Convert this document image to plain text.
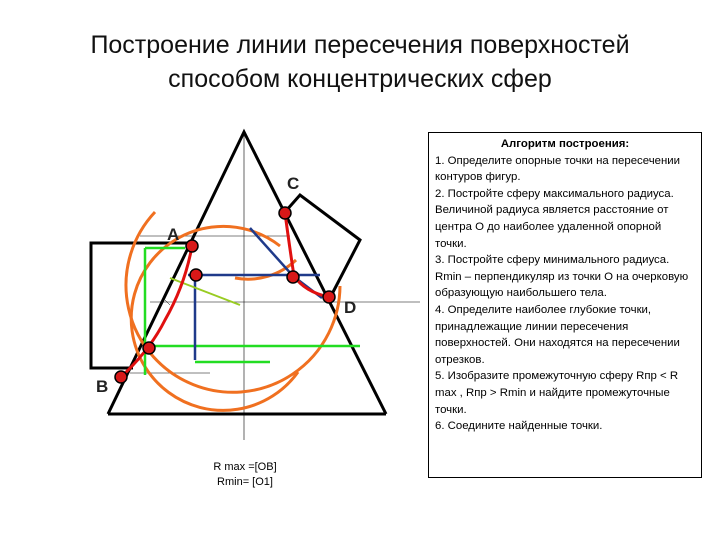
Построение линии пересечения поверхностей
способом концентрических сфер
C
A
D
B
R max =[OB]
Rmin= [O1]
Алгоритм построения:
1. Определите опорные точки на пересечении контуров фигур.
2. Постройте сферу максимального радиуса. Величиной радиуса является расстояние от центра О до наиболее удаленной опорной точки.
3. Постройте сферу минимального радиуса. Rmin – перпендикуляр из точки О на очерковую образующую наибольшего тела.
4. Определите наиболее глубокие точки, принадлежащие линии пересечения поверхностей. Они находятся на пересечении отрезков.
5. Изобразите промежуточную сферу Rпр < R max , Rпр > Rmin и найдите промежуточные точки.
6. Соедините найденные точки.
